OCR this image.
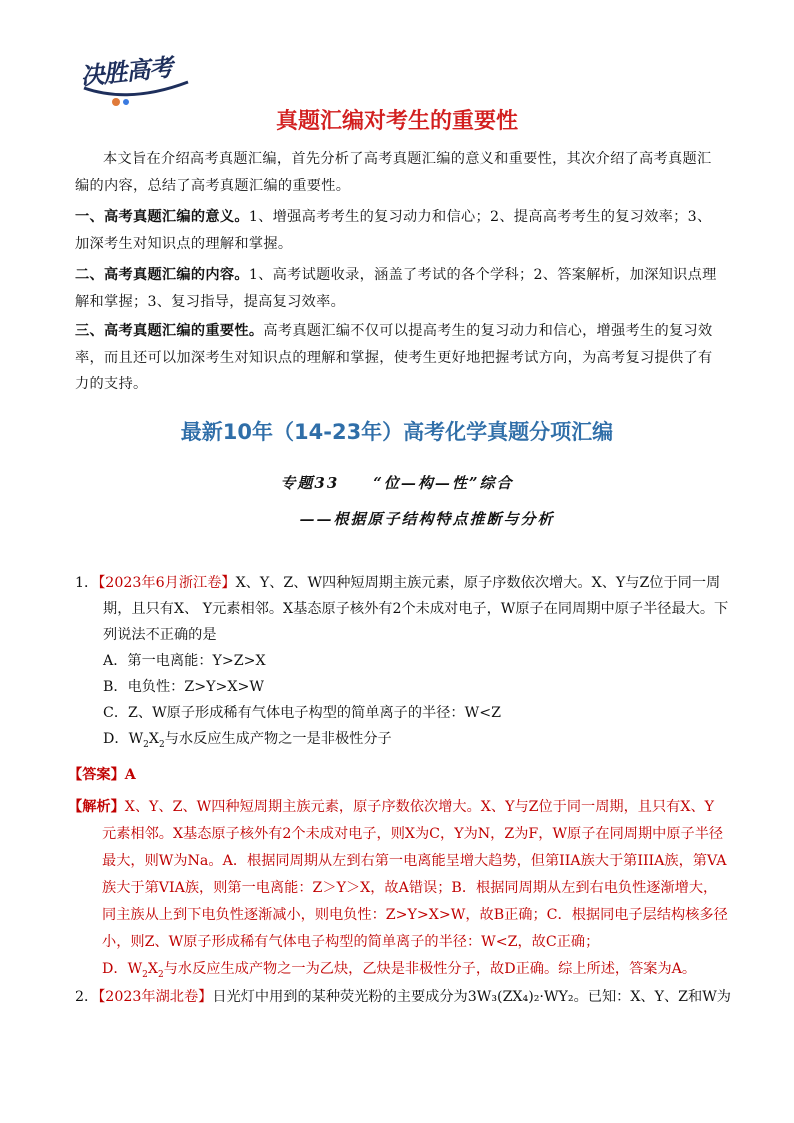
决胜高考
真题汇编对考生的重要性
本文旨在介绍高考真题汇编，首先分析了高考真题汇编的意义和重要性，其次介绍了高考真题汇编的内容，总结了高考真题汇编的重要性。
一、高考真题汇编的意义。1、增强高考考生的复习动力和信心；2、提高高考考生的复习效率；3、加深考生对知识点的理解和掌握。
二、高考真题汇编的内容。1、高考试题收录，涵盖了考试的各个学科；2、答案解析，加深知识点理解和掌握；3、复习指导，提高复习效率。
三、高考真题汇编的重要性。高考真题汇编不仅可以提高考生的复习动力和信心，增强考生的复习效率，而且还可以加深考生对知识点的理解和掌握，使考生更好地把握考试方向，为高考复习提供了有力的支持。
最新10年（14-23年）高考化学真题分项汇编
专题33 “位—构—性”综合
——根据原子结构特点推断与分析
1．【2023年6月浙江卷】X、Y、Z、W四种短周期主族元素，原子序数依次增大。X、Y与Z位于同一周期，且只有X、 Y元素相邻。X基态原子核外有2个未成对电子，W原子在同周期中原子半径最大。下列说法不正确的是
A．第一电离能：Y>Z>X
B．电负性：Z>Y>X>W
C．Z、W原子形成稀有气体电子构型的简单离子的半径：W<Z
D．$W_2X_2$与水反应生成产物之一是非极性分子
【答案】A
【解析】X、Y、Z、W四种短周期主族元素，原子序数依次增大。X、Y与Z位于同一周期，且只有X、Y元素相邻。X基态原子核外有2个未成对电子，则X为C，Y为N，Z为F，W原子在同周期中原子半径最大，则W为Na。A．根据同周期从左到右第一电离能呈增大趋势，但第IIA族大于第IIIA族，第VA族大于第VIA族，则第一电离能：Z＞Y＞X，故A错误；B．根据同周期从左到右电负性逐渐增大，同主族从上到下电负性逐渐减小，则电负性：Z>Y>X>W，故B正确；C．根据同电子层结构核多径小，则Z、W原子形成稀有气体电子构型的简单离子的半径：W<Z，故C正确；
D．$W_2X_2$与水反应生成产物之一为乙炔，乙炔是非极性分子，故D正确。综上所述，答案为A。
2．【2023年湖北卷】日光灯中用到的某种荧光粉的主要成分为3W₃(ZX₄)₂·WY₂。已知：X、Y、Z和W为
